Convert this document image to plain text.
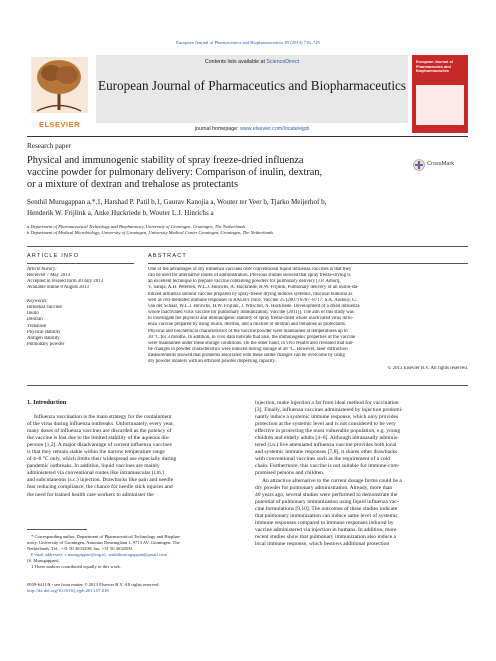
European Journal of Pharmaceutics and Biopharmaceutics 85 (2013) 716–725
ELSEVIER
Contents lists available at ScienceDirect
European Journal of Pharmaceutics and Biopharmaceutics
journal homepage: www.elsevier.com/locate/ejpb
European Journal of Pharmaceutics and Biopharmaceutics
Research paper
Physical and immunogenic stability of spray freeze-dried influenza
vaccine powder for pulmonary delivery: Comparison of inulin, dextran,
or a mixture of dextran and trehalose as protectants
CrossMark
Senthil Murugappan a,*,1, Harshad P. Patil b,1, Gaurav Kanojia a, Wouter ter Veer b, Tjarko Meijerhof b,
Henderik W. Frijlink a, Anke Huckriede b, Wouter L.J. Hinrichs a
a Department of Pharmaceutical Technology and Biopharmacy, University of Groningen, Groningen, The Netherlands
b Department of Medical Microbiology, University of Groningen, University Medical Center Groningen, Groningen, The Netherlands
ARTICLE INFO
Article history:
Received 7 May 2013
Accepted in revised form 30 July 2013
Available online 8 August 2013
Keywords:
Influenza vaccine
Inulin
Dextran
Trehalose
Physical stability
Antigen stability
Pulmonary powder
ABSTRACT
One of the advantages of dry influenza vaccines over conventional liquid influenza vaccines is that they
can be used for alternative routes of administration. Previous studies showed that spray freeze-drying is
an excellent technique to prepare vaccine containing powders for pulmonary delivery [J.P. Amorij,
V. Saluja, A.H. Petersen, W.L.J. Hinrichs, A. Huckriede, H.W. Frijlink, Pulmonary delivery of an inulin-sta-
bilized influenza subunit vaccine prepared by spray-freeze drying induces systemic, mucosal humoral as
well as cell-mediated immune responses in BALB/c mice, Vaccine 25 (2007) 8707–8717; S.A. Audouy, G.
van der Schaaf, W.L.J. Hinrichs, H.W. Frijlink, J. Wilschut, A. Huckriede. Development of a dried influenza
whole inactivated virus vaccine for pulmonary immunization, Vaccine (2011)]. The aim of this study was
to investigate the physical and immunogenic stability of spray freeze-dried whole inactivated virus influ-
enza vaccine prepared by using inulin, dextran, and a mixture of dextran and trehalose as protectants.
Physical and biochemical characteristics of the vaccine powder were maintained at temperatures up to
30 °C for 3 months. In addition, in vivo data indicate that also, the immunogenic properties of the vaccine
were maintained under these storage conditions. On the other hand, in vivo results also revealed that sub-
tle changes in powder characteristics were induced during storage at 30 °C. However, laser diffraction
measurements showed that problems associated with these subtle changes can be overcome by using
dry powder inhalers with an efficient powder dispersing capacity.
© 2013 Elsevier B.V. All rights reserved.
1. Introduction
Influenza vaccination is the main strategy for the containment
of the virus during influenza outbreaks. Unfortunately, every year,
many doses of influenza vaccines are discarded as the potency of
the vaccine is lost due to the limited stability of the aqueous dis-
persion [1,2]. A major disadvantage of current influenza vaccines
is that they remain stable within the narrow temperature range
of 4–8 °C only, which limits their widespread use especially during
pandemic outbreaks. In addition, liquid vaccines are mainly
administered via conventional routes like intramuscular (i.m.)
and subcutaneous (s.c.) injection. Drawbacks like pain and needle
fear reducing compliance, the chance for needle stick injuries and
the need for trained health care workers to administer the
* Corresponding author. Department of Pharmaceutical Technology and Biophar-
macy, University of Groningen, Antonius Deusinglaan 1, 9713 AV, Groningen, The
Netherlands. Tel.: +31 50 3633290; fax: +31 50 3632500.
E-mail addresses: s.murugappan@rug.nl, senthilmurugappan@gmail.com
(S. Murugappan).
1 These authors contributed equally to this work.
0939-6411/$ - see front matter © 2013 Elsevier B.V. All rights reserved.
http://dx.doi.org/10.1016/j.ejpb.2013.07.018
injection, make injection a far from ideal method for vaccination
[3]. Finally, influenza vaccines administered by injection predomi-
nantly induce a systemic immune response, which only provides
protection at the systemic level and is not considered to be very
effective in protecting the most vulnerable population, e.g. young
children and elderly adults [4–6]. Although intranasally adminis-
tered (i.n.) live attenuated influenza vaccine provides both local
and systemic immune responses [7,8], it shares other drawbacks
with conventional vaccines such as the requirement of a cold
chain. Furthermore, this vaccine is not suitable for immune-com-
promised persons and children.
An attractive alternative to the current dosage forms could be a
dry powder for pulmonary administration. Already, more than
40 years ago, several studies were performed to demonstrate the
potential of pulmonary immunization using liquid influenza vac-
cine formulations [9,10]. The outcomes of these studies indicate
that pulmonary immunization can induce same level of systemic
immune responses compared to immune responses induced by
vaccine administered via injection in humans. In addition, more
recent studies show that pulmonary immunization also induce a
local immune response, which bestows additional protection
